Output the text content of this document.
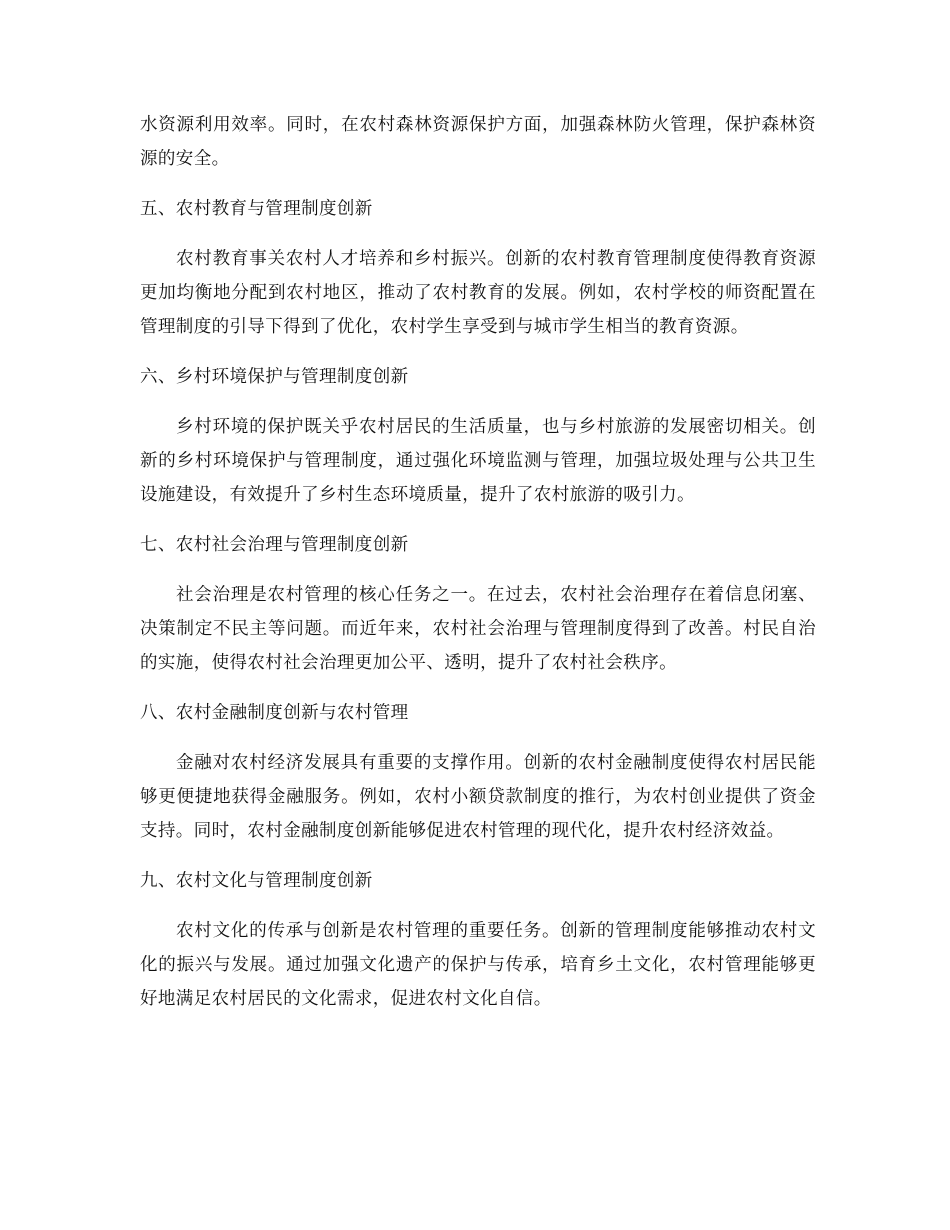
水资源利用效率。同时，在农村森林资源保护方面，加强森林防火管理，保护森林资源的安全。

五、农村教育与管理制度创新

农村教育事关农村人才培养和乡村振兴。创新的农村教育管理制度使得教育资源更加均衡地分配到农村地区，推动了农村教育的发展。例如，农村学校的师资配置在管理制度的引导下得到了优化，农村学生享受到与城市学生相当的教育资源。

六、乡村环境保护与管理制度创新

乡村环境的保护既关乎农村居民的生活质量，也与乡村旅游的发展密切相关。创新的乡村环境保护与管理制度，通过强化环境监测与管理，加强垃圾处理与公共卫生设施建设，有效提升了乡村生态环境质量，提升了农村旅游的吸引力。

七、农村社会治理与管理制度创新

社会治理是农村管理的核心任务之一。在过去，农村社会治理存在着信息闭塞、决策制定不民主等问题。而近年来，农村社会治理与管理制度得到了改善。村民自治的实施，使得农村社会治理更加公平、透明，提升了农村社会秩序。

八、农村金融制度创新与农村管理

金融对农村经济发展具有重要的支撑作用。创新的农村金融制度使得农村居民能够更便捷地获得金融服务。例如，农村小额贷款制度的推行，为农村创业提供了资金支持。同时，农村金融制度创新能够促进农村管理的现代化，提升农村经济效益。

九、农村文化与管理制度创新

农村文化的传承与创新是农村管理的重要任务。创新的管理制度能够推动农村文化的振兴与发展。通过加强文化遗产的保护与传承，培育乡土文化，农村管理能够更好地满足农村居民的文化需求，促进农村文化自信。
